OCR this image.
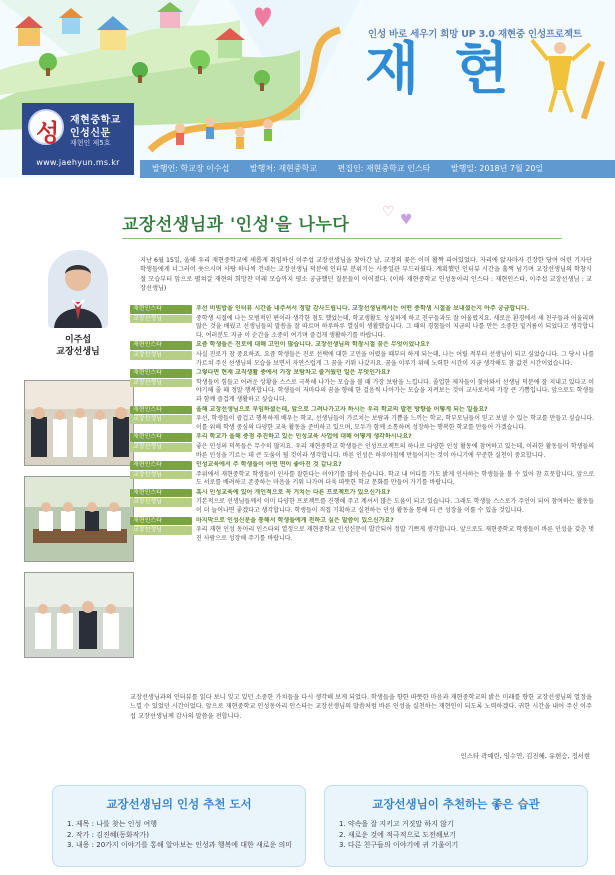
성 재현중학교
인성신문
재현인 제5호
www.jaehyun.ms.kr
인성 바로 세우기 희망 UP 3.0 재현중 인성프로젝트
재 현
발행인: 학교장 이수섭	발행처: 재현중학교	편집인: 재현중학교 인스타	발행일: 2018년 7월 20일
교장선생님과 '인성'을 나누다
♡ ♥
이주섭
교장선생님

지난 6월 15일, 올해 우리 재현중학교에 새롭게 취임하신 이주섭 교장선생님을 찾아간 날, 교정의 꽃은 이미 활짝 피어있었다. 자리에 앉자마자 긴장한 당여 어린 기자단 학생들에게 너그러이 웃으시며 사탕 하나씩 건네는 교장선생님 덕분에 인터뷰 분위기는 시종일관 부드러웠다. 계획했던 인터뷰 시간을 훌쩍 넘기며 교장선생님의 학창시절 모습부터 앞으로 펼쳐갈 재현의 희망찬 미래 모습까지 평소 궁금했던 질문들이 이어졌다. (이하 재현중학교 인성동아리 인스타 : 재현인스타, 이주섭 교장선생님 : 교장선생님)

재현인스타	우선 비빔밥을 인터뷰 시간을 내주셔서 정말 감사드립니다. 교장선생님께서는 어떤 중학생 시절을 보내셨는지 아주 궁금합니다.
교장선생님	중학생 시절에 나는 모범적인 편이라 생각한 점도 했었는데, 학교생활도 성실하게 하고 친구들과도 잘 어울렸지요. 새로운 환경에서 새 친구들과 어울리며 많은 것을 배웠고 선생님들의 말씀을 잘 따르며 하루하루 열심히 생활했습니다. 그 때의 경험들이 지금의 나를 만든 소중한 밑거름이 되었다고 생각합니다. 여러분도 지금 이 순간을 소중히 여기며 즐겁게 생활하기를 바랍니다.
재현인스타	요즘 학생들은 진로에 대해 고민이 많습니다. 교장선생님의 학창시절 꿈은 무엇이었나요?
교장선생님	사실 진로가 참 중요하죠. 요즘 학생들은 진로 선택에 대한 고민을 어렸을 때부터 하게 되는데, 나는 어릴 적부터 선생님이 되고 싶었습니다. 그 당시 나를 가르쳐 주신 선생님의 모습을 보면서 자연스럽게 그 꿈을 키워 나갔지요. 꿈을 이루기 위해 노력한 시간이 지금 생각해도 참 값진 시간이었습니다.
재현인스타	그렇다면 현재 교직생활 중에서 가장 보람차고 즐거웠던 일은 무엇인가요?
교장선생님	학생들이 힘들고 어려운 상황을 스스로 극복해 나가는 모습을 볼 때 가장 보람을 느낍니다. 졸업한 제자들이 찾아와서 선생님 덕분에 잘 지내고 있다고 이야기해 줄 때 정말 행복합니다. 학생들이 저마다의 꿈을 향해 한 걸음씩 나아가는 모습을 지켜보는 것이 교사로서의 가장 큰 기쁨입니다. 앞으로도 학생들과 함께 즐겁게 생활하고 싶습니다.
재현인스타	올해 교장선생님으로 부임하셨는데, 앞으로 그려나가고자 하시는 우리 학교의 발전 방향을 어떻게 되는 일들요?
교장선생님	우선, 학생들이 즐겁고 행복하게 배우는 학교, 선생님들이 가르치는 보람과 기쁨을 느끼는 학교, 학부모님들이 믿고 보낼 수 있는 학교를 만들고 싶습니다. 이를 위해 학생 중심의 다양한 교육 활동을 준비하고 있으며, 모두가 함께 소통하며 성장하는 행복한 학교를 만들어 가겠습니다.
재현인스타	우리 학교가 올해 중점 추진하고 있는 인성교육 사업에 대해 어떻게 생각하시나요?
교장선생님	좋은 인성의 덕목들은 무수히 많지요. 우리 재현중학교 학생들은 인성프로젝트의 하나로 다양한 인성 활동에 참여하고 있는데, 이러한 활동들이 학생들의 바른 인성을 기르는 데 큰 도움이 될 것이라 생각합니다. 바른 인성은 하루아침에 만들어지는 것이 아니기에 꾸준한 실천이 중요합니다.
재현인스타	인성교육에서 주 학생들이 어떤 면이 좋아진 것 같나요?
교장선생님	주위에서 재현중학교 학생들이 인사를 잘한다는 이야기를 많이 듣습니다. 학교 내 어디를 가도 밝게 인사하는 학생들을 볼 수 있어 참 흐뭇합니다. 앞으로도 서로를 배려하고 존중하는 마음을 키워 나가며 더욱 따뜻한 학교 문화를 만들어 가기를 바랍니다.
재현인스타	혹시 인성교육에 있어 개인적으로 꼭 거치는 다른 프로젝트가 있으신가요?
교장선생님	기본적으로 선생님들께서 이미 다양한 프로젝트를 진행해 주고 계셔서 많은 도움이 되고 있습니다. 그래도 학생들 스스로가 주인이 되어 참여하는 활동들이 더 늘어나면 좋겠다고 생각합니다. 학생들이 직접 기획하고 실천하는 인성 활동을 통해 더 큰 성장을 이룰 수 있을 것입니다.
재현인스타	마지막으로 인성신문을 통해서 학생들에게 전하고 싶은 말씀이 있으신가요?
교장선생님	우리 재현 인성 동아리 인스타의 열정으로 재현중학교 인성신문이 발간되어 정말 기쁘게 생각합니다. 앞으로도 재현중학교 학생들이 바른 인성을 갖춘 멋진 사람으로 성장해 주기를 바랍니다.

교장선생님과의 인터뷰를 읽다 보니 잊고 있던 소중한 가치들을 다시 생각해 보게 되었다. 학생들을 향한 따뜻한 마음과 재현중학교의 밝은 미래를 향한 교장선생님의 열정을 느낄 수 있었던 시간이었다. 앞으로 재현중학교 인성동아리 인스타는 교장선생님의 말씀처럼 바른 인성을 실천하는 재현인이 되도록 노력하겠다. 귀한 시간을 내어 주신 이주섭 교장선생님께 감사의 말씀을 전합니다.

인스타 곽예린, 임수연, 김진혜, 유현승, 정서현
교장선생님의 인성 추천 도서
1. 제목 : 나를 찾는 인성 여행
2. 작가 : 김진혜(동화작가)
3. 내용 : 20가지 이야기를 통해 알아보는 인성과 행복에 대한 새로운 의미
교장선생님이 추천하는 좋은 습관
1. 약속을 잘 지키고 거짓말 하지 않기
2. 새로운 것에 적극적으로 도전해보기
3. 다른 친구들의 이야기에 귀 기울이기
